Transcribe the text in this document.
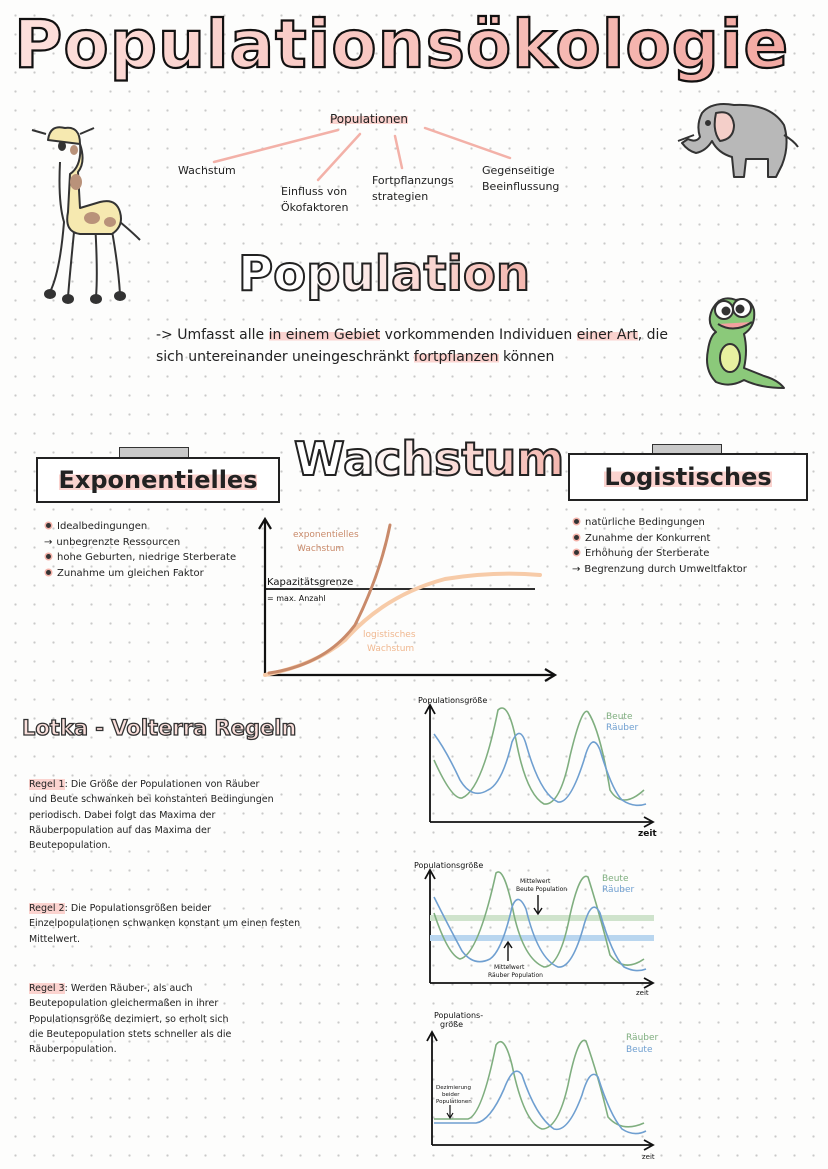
Populationsökologie
Populationen
Wachstum
Einfluss von Ökofaktoren
Fortpflanzungs strategien
Gegenseitige Beeinflussung
Population
-> Umfasst alle in einem Gebiet vorkommenden Individuen einer Art, die
sich untereinander uneingeschränkt fortpflanzen können
Wachstum
Exponentielles	Logistisches
Idealbedingungen
→ unbegrenzte Ressourcen
hohe Geburten, niedrige Sterberate
Zunahme um gleichen Faktor
natürliche Bedingungen
Zunahme der Konkurrent
Erhöhung der Sterberate
→ Begrenzung durch Umweltfaktor
exponentielles
Wachstum
Kapazitätsgrenze
= max. Anzahl
logistisches
Wachstum
Lotka - Volterra Regeln
Regel 1: Die Größe der Populationen von Räuber und Beute schwanken bei konstanten Bedingungen periodisch. Dabei folgt das Maxima der Räuberpopulation auf das Maxima der Beutepopulation.
Regel 2: Die Populationsgrößen beider Einzelpopulationen schwanken konstant um einen festen Mittelwert.
Regel 3: Werden Räuber-, als auch Beutepopulation gleichermaßen in ihrer Populationsgröße dezimiert, so erholt sich die Beutepopulation stets schneller als die Räuberpopulation.
Populationsgröße
Beute
Räuber
zeit
Populationsgröße
Mittelwert
Beute Population
Mittelwert
Räuber Population
Beute
Räuber
zeit
Populations-
größe
Dezimierung
beider
Populationen
Räuber
Beute
zeit
